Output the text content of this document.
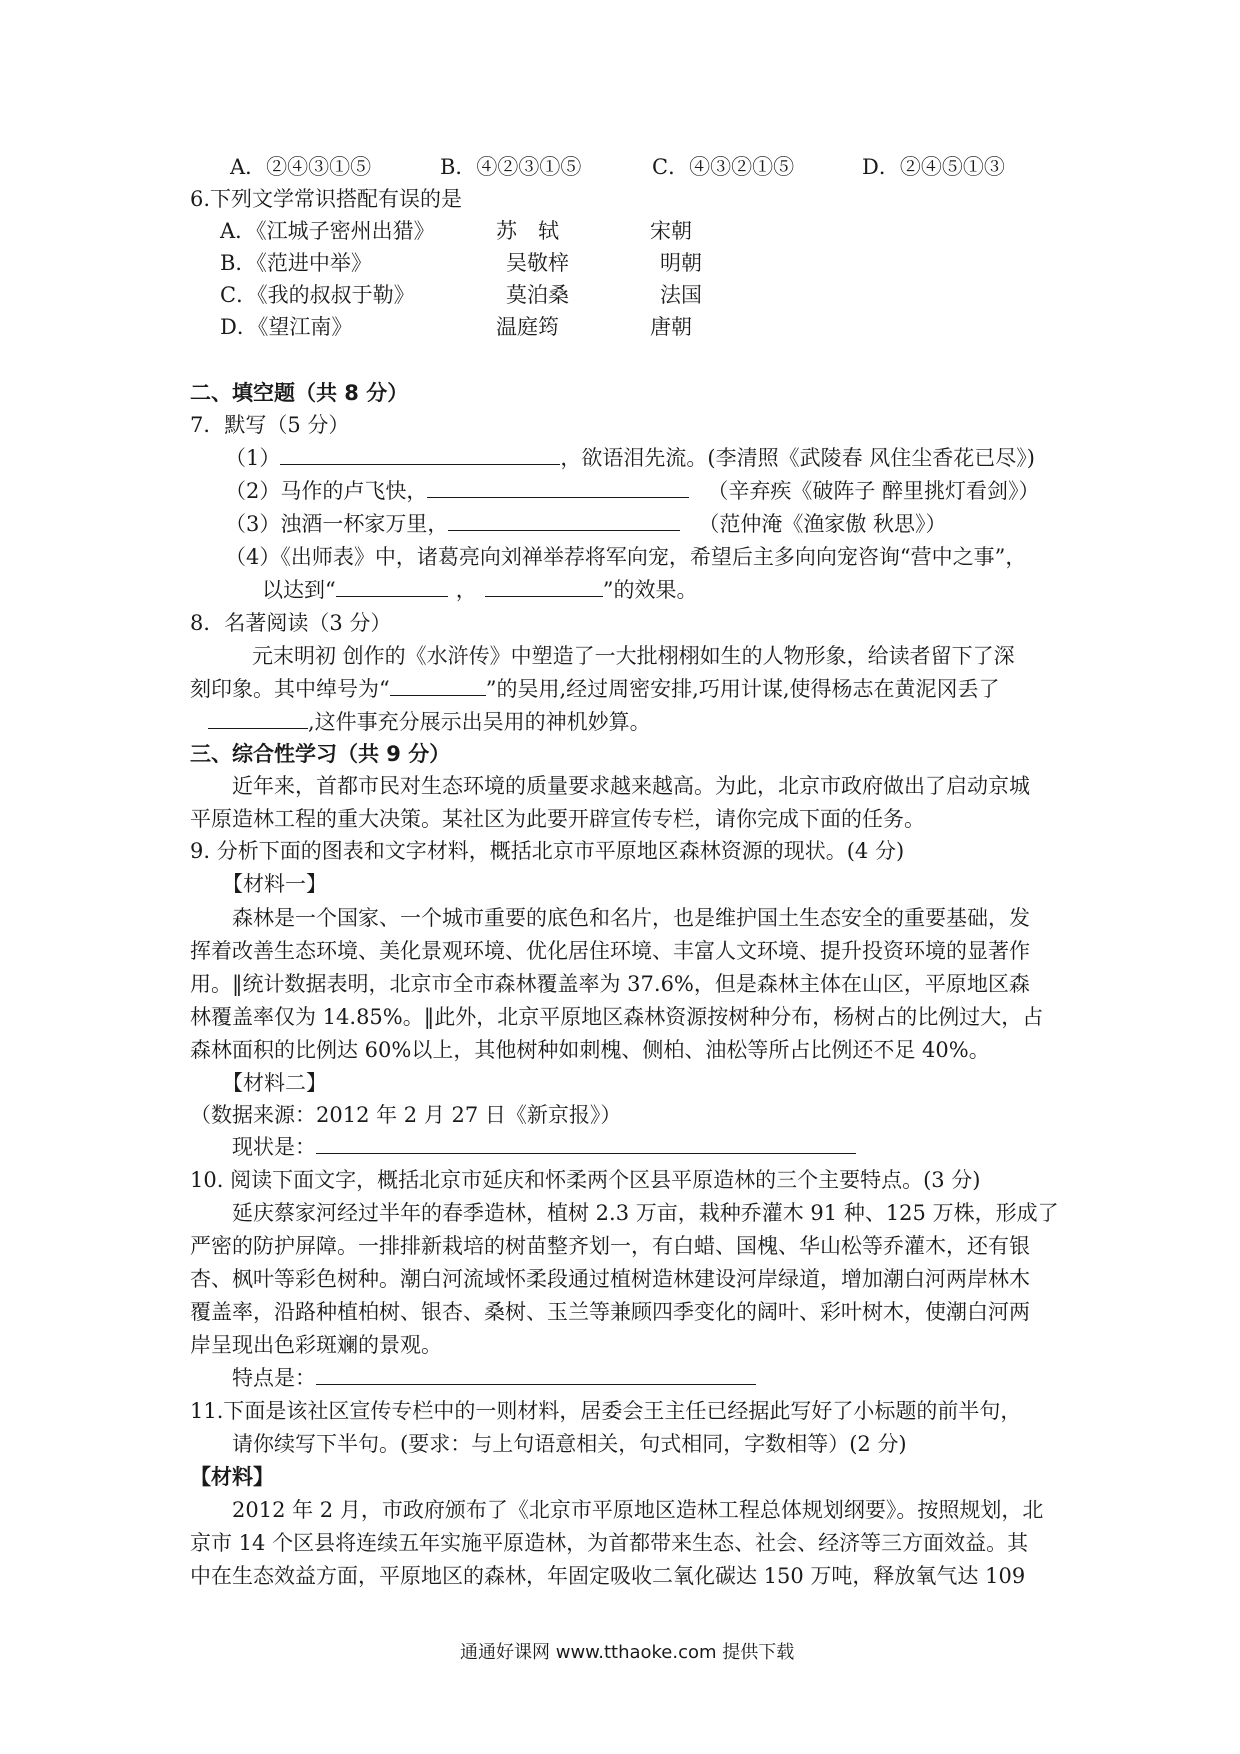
A．②④③①⑤	B．④②③①⑤	C．④③②①⑤	D．②④⑤①③
6.下列文学常识搭配有误的是
A．《江城子密州出猎》	苏　轼	宋朝
B．《范进中举》	吴敬梓	明朝
C．《我的叔叔于勒》	莫泊桑	法国
D．《望江南》	温庭筠	唐朝
二、填空题（共 8 分）
7．默写（5 分）
（1）	，欲语泪先流。(李清照《武陵春 风住尘香花已尽》)
（2）马作的卢飞快，	（辛弃疾《破阵子 醉里挑灯看剑》）
（3）浊酒一杯家万里，	（范仲淹《渔家傲 秋思》）
（4）《出师表》中，诸葛亮向刘禅举荐将军向宠，希望后主多向向宠咨询“营中之事”，
以达到“	，	”的效果。
8．名著阅读（3 分）
元末明初 创作的《水浒传》中塑造了一大批栩栩如生的人物形象，给读者留下了深
刻印象。其中绰号为“	”的吴用,经过周密安排,巧用计谋,使得杨志在黄泥冈丢了
,这件事充分展示出吴用的神机妙算。
三、综合性学习（共 9 分）
近年来，首都市民对生态环境的质量要求越来越高。为此，北京市政府做出了启动京城
平原造林工程的重大决策。某社区为此要开辟宣传专栏，请你完成下面的任务。
9. 分析下面的图表和文字材料，概括北京市平原地区森林资源的现状。(4 分)
【材料一】
森林是一个国家、一个城市重要的底色和名片，也是维护国土生态安全的重要基础，发
挥着改善生态环境、美化景观环境、优化居住环境、丰富人文环境、提升投资环境的显著作
用。‖统计数据表明，北京市全市森林覆盖率为 37.6%，但是森林主体在山区，平原地区森
林覆盖率仅为 14.85%。‖此外，北京平原地区森林资源按树种分布，杨树占的比例过大，占
森林面积的比例达 60%以上，其他树种如刺槐、侧柏、油松等所占比例还不足 40%。
【材料二】
（数据来源：2012 年 2 月 27 日《新京报》）
现状是：
10. 阅读下面文字，概括北京市延庆和怀柔两个区县平原造林的三个主要特点。(3 分)
延庆蔡家河经过半年的春季造林，植树 2.3 万亩，栽种乔灌木 91 种、125 万株，形成了
严密的防护屏障。一排排新栽培的树苗整齐划一，有白蜡、国槐、华山松等乔灌木，还有银
杏、枫叶等彩色树种。潮白河流域怀柔段通过植树造林建设河岸绿道，增加潮白河两岸林木
覆盖率，沿路种植柏树、银杏、桑树、玉兰等兼顾四季变化的阔叶、彩叶树木，使潮白河两
岸呈现出色彩斑斓的景观。
特点是：
11.下面是该社区宣传专栏中的一则材料，居委会王主任已经据此写好了小标题的前半句，
请你续写下半句。(要求：与上句语意相关，句式相同，字数相等）(2 分)
【材料】
2012 年 2 月，市政府颁布了《北京市平原地区造林工程总体规划纲要》。按照规划，北
京市 14 个区县将连续五年实施平原造林，为首都带来生态、社会、经济等三方面效益。其
中在生态效益方面，平原地区的森林，年固定吸收二氧化碳达 150 万吨，释放氧气达 109
通通好课网 www.tthaoke.com 提供下载
